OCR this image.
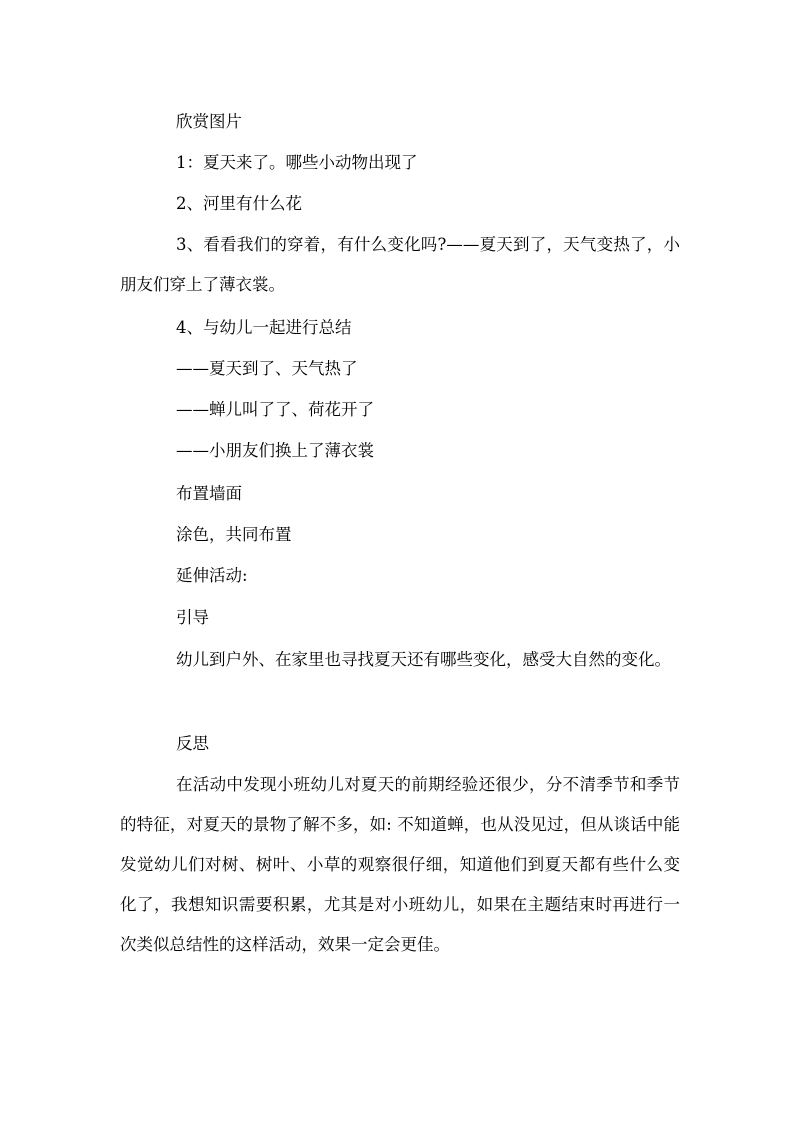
欣赏图片

1：夏天来了。哪些小动物出现了

2、河里有什么花

3、看看我们的穿着，有什么变化吗?——夏天到了，天气变热了，小朋友们穿上了薄衣裳。

4、与幼儿一起进行总结

——夏天到了、天气热了

——蝉儿叫了了、荷花开了

——小朋友们换上了薄衣裳

布置墙面

涂色，共同布置

延伸活动:

引导

幼儿到户外、在家里也寻找夏天还有哪些变化，感受大自然的变化。

反思

在活动中发现小班幼儿对夏天的前期经验还很少，分不清季节和季节的特征，对夏天的景物了解不多，如: 不知道蝉，也从没见过，但从谈话中能发觉幼儿们对树、树叶、小草的观察很仔细，知道他们到夏天都有些什么变化了，我想知识需要积累，尤其是对小班幼儿，如果在主题结束时再进行一次类似总结性的这样活动，效果一定会更佳。
